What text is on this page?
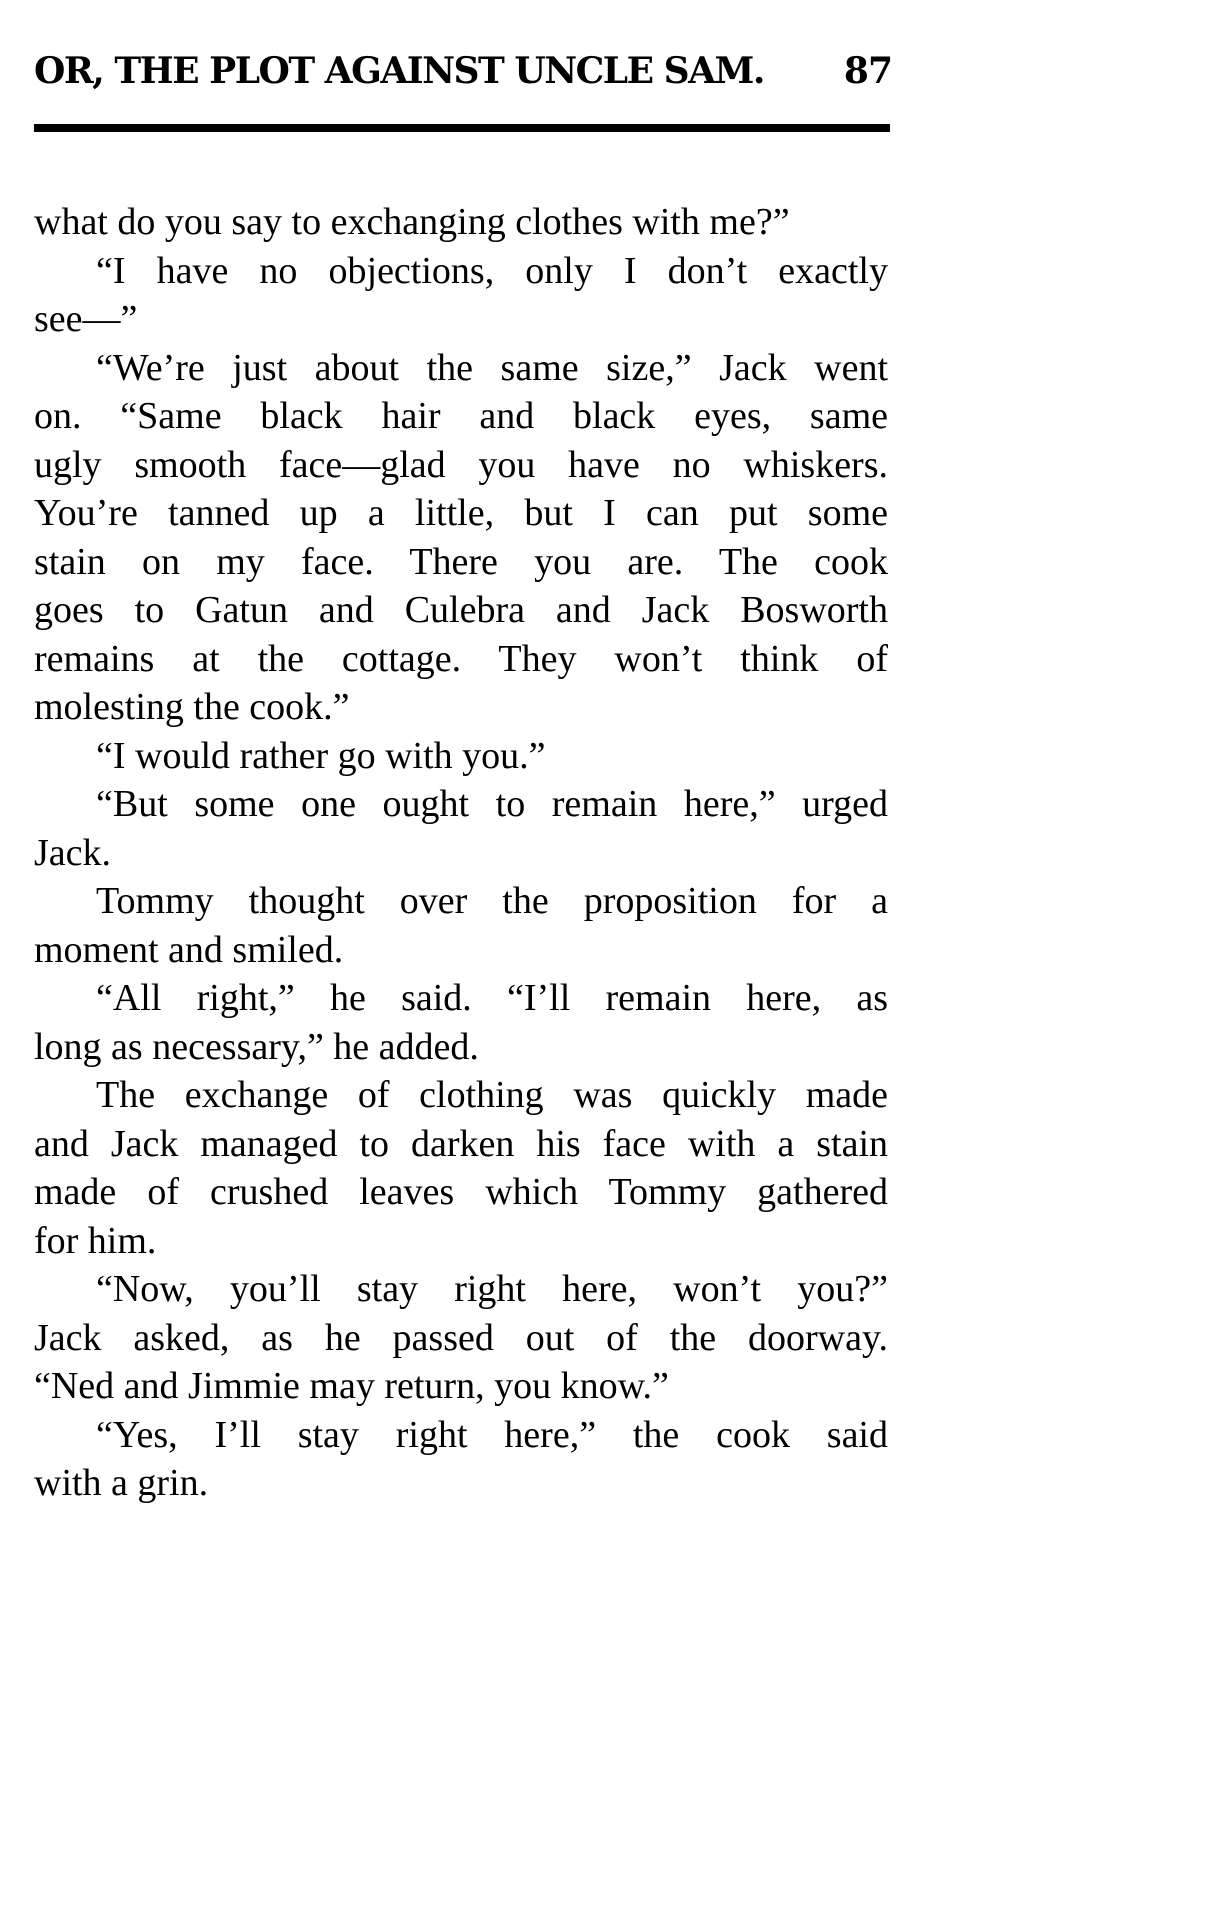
OR, THE PLOT AGAINST UNCLE SAM. 87
what do you say to exchanging clothes with me?”
“I have no objections, only I don’t exactly
see—”
“We’re just about the same size,” Jack went
on. “Same black hair and black eyes, same
ugly smooth face—glad you have no whiskers.
You’re tanned up a little, but I can put some
stain on my face. There you are. The cook
goes to Gatun and Culebra and Jack Bosworth
remains at the cottage. They won’t think of
molesting the cook.”
“I would rather go with you.”
“But some one ought to remain here,” urged
Jack.
Tommy thought over the proposition for a
moment and smiled.
“All right,” he said. “I’ll remain here, as
long as necessary,” he added.
The exchange of clothing was quickly made
and Jack managed to darken his face with a stain
made of crushed leaves which Tommy gathered
for him.
“Now, you’ll stay right here, won’t you?”
Jack asked, as he passed out of the doorway.
“Ned and Jimmie may return, you know.”
“Yes, I’ll stay right here,” the cook said
with a grin.
